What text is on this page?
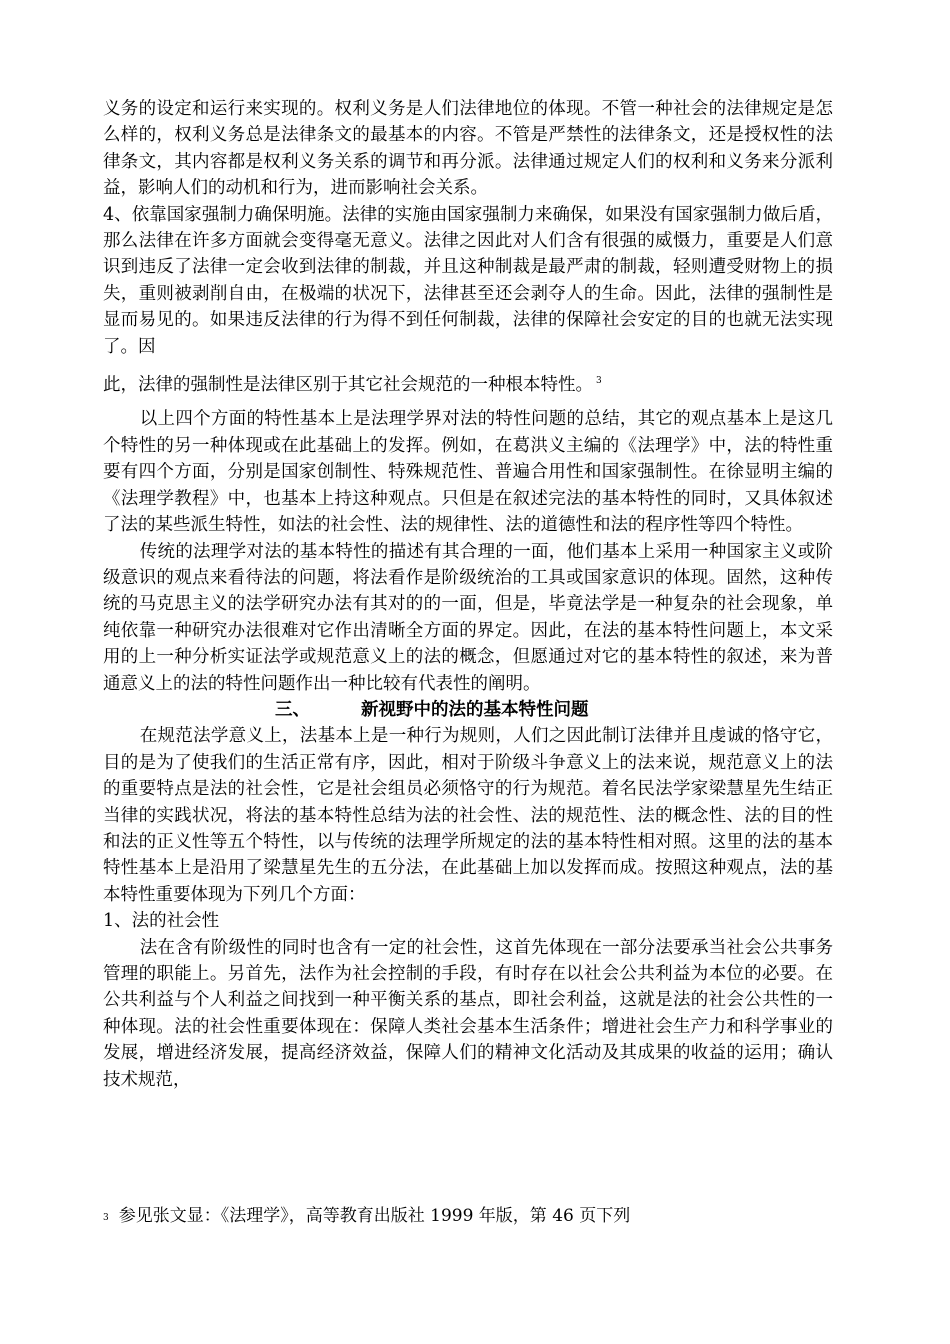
义务的设定和运行来实现的。权利义务是人们法律地位的体现。不管一种社会的法律规定是怎么样的，权利义务总是法律条文的最基本的内容。不管是严禁性的法律条文，还是授权性的法律条文，其内容都是权利义务关系的调节和再分派。法律通过规定人们的权利和义务来分派利益，影响人们的动机和行为，进而影响社会关系。

4、依靠国家强制力确保明施。法律的实施由国家强制力来确保，如果没有国家强制力做后盾，那么法律在许多方面就会变得毫无意义。法律之因此对人们含有很强的威慑力，重要是人们意识到违反了法律一定会收到法律的制裁，并且这种制裁是最严肃的制裁，轻则遭受财物上的损失，重则被剥削自由，在极端的状况下，法律甚至还会剥夺人的生命。因此，法律的强制性是显而易见的。如果违反法律的行为得不到任何制裁，法律的保障社会安定的目的也就无法实现了。因

此，法律的强制性是法律区别于其它社会规范的一种根本特性。 $^3$

以上四个方面的特性基本上是法理学界对法的特性问题的总结，其它的观点基本上是这几个特性的另一种体现或在此基础上的发挥。例如，在葛洪义主编的《法理学》中，法的特性重要有四个方面，分别是国家创制性、特殊规范性、普遍合用性和国家强制性。在徐显明主编的《法理学教程》中，也基本上持这种观点。只但是在叙述完法的基本特性的同时，又具体叙述了法的某些派生特性，如法的社会性、法的规律性、法的道德性和法的程序性等四个特性。

传统的法理学对法的基本特性的描述有其合理的一面，他们基本上采用一种国家主义或阶级意识的观点来看待法的问题，将法看作是阶级统治的工具或国家意识的体现。固然，这种传统的马克思主义的法学研究办法有其对的的一面，但是，毕竟法学是一种复杂的社会现象，单纯依靠一种研究办法很难对它作出清晰全方面的界定。因此，在法的基本特性问题上，本文采用的上一种分析实证法学或规范意义上的法的概念，但愿通过对它的基本特性的叙述，来为普通意义上的法的特性问题作出一种比较有代表性的阐明。

三、	新视野中的法的基本特性问题

在规范法学意义上，法基本上是一种行为规则，人们之因此制订法律并且虔诚的恪守它，目的是为了使我们的生活正常有序，因此，相对于阶级斗争意义上的法来说，规范意义上的法的重要特点是法的社会性，它是社会组员必须恪守的行为规范。着名民法学家梁慧星先生结正当律的实践状况，将法的基本特性总结为法的社会性、法的规范性、法的概念性、法的目的性和法的正义性等五个特性，以与传统的法理学所规定的法的基本特性相对照。这里的法的基本特性基本上是沿用了梁慧星先生的五分法，在此基础上加以发挥而成。按照这种观点，法的基本特性重要体现为下列几个方面：

1、法的社会性

法在含有阶级性的同时也含有一定的社会性，这首先体现在一部分法要承当社会公共事务管理的职能上。另首先，法作为社会控制的手段，有时存在以社会公共利益为本位的必要。在公共利益与个人利益之间找到一种平衡关系的基点，即社会利益，这就是法的社会公共性的一种体现。法的社会性重要体现在：保障人类社会基本生活条件；增进社会生产力和科学事业的发展，增进经济发展，提高经济效益，保障人们的精神文化活动及其成果的收益的运用；确认技术规范，

$^3$ 参见张文显：《法理学》，高等教育出版社 1999 年版，第 46 页下列
